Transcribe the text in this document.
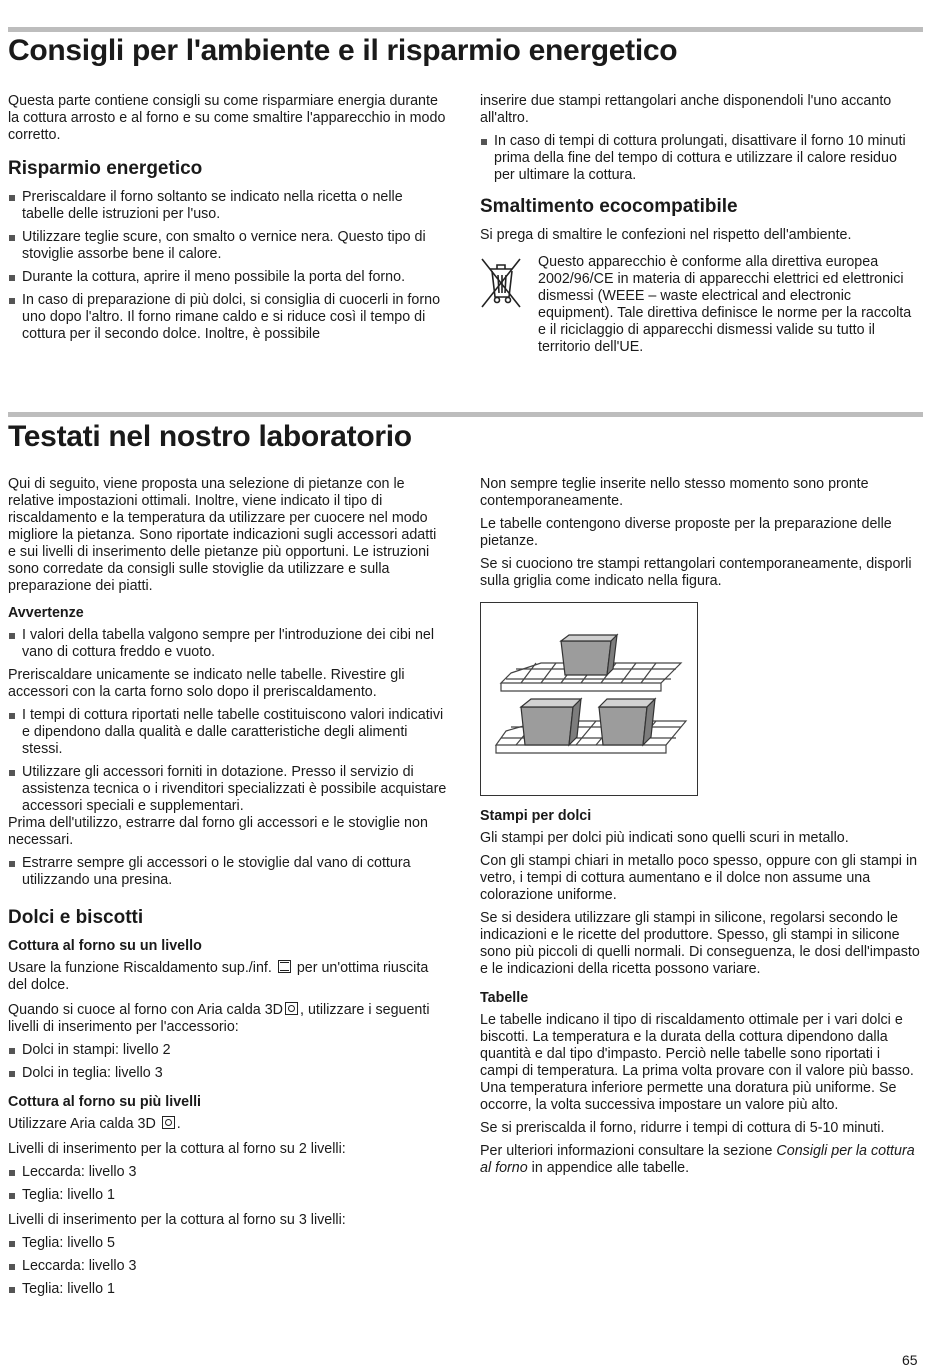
Consigli per l'ambiente e il risparmio energetico

Questa parte contiene consigli su come risparmiare energia durante la cottura arrosto e al forno e su come smaltire l'apparecchio in modo corretto.

Risparmio energetico
Preriscaldare il forno soltanto se indicato nella ricetta o nelle tabelle delle istruzioni per l'uso.
Utilizzare teglie scure, con smalto o vernice nera. Questo tipo di stoviglie assorbe bene il calore.
Durante la cottura, aprire il meno possibile la porta del forno.
In caso di preparazione di più dolci, si consiglia di cuocerli in forno uno dopo l'altro. Il forno rimane caldo e si riduce così il tempo di cottura per il secondo dolce. Inoltre, è possibile

inserire due stampi rettangolari anche disponendoli l'uno accanto all'altro.

In caso di tempi di cottura prolungati, disattivare il forno 10 minuti prima della fine del tempo di cottura e utilizzare il calore residuo per ultimare la cottura.
Smaltimento ecocompatibile

Si prega di smaltire le confezioni nel rispetto dell'ambiente.

Questo apparecchio è conforme alla direttiva europea 2002/96/CE in materia di apparecchi elettrici ed elettronici dismessi (WEEE – waste electrical and electronic equipment). Tale direttiva definisce le norme per la raccolta e il riciclaggio di apparecchi dismessi valide su tutto il territorio dell'UE.

Testati nel nostro laboratorio

Qui di seguito, viene proposta una selezione di pietanze con le relative impostazioni ottimali. Inoltre, viene indicato il tipo di riscaldamento e la temperatura da utilizzare per cuocere nel modo migliore la pietanza. Sono riportate indicazioni sugli accessori adatti e sui livelli di inserimento delle pietanze più opportuni. Le istruzioni sono corredate da consigli sulle stoviglie da utilizzare e sulla preparazione dei piatti.

Avvertenze
I valori della tabella valgono sempre per l'introduzione dei cibi nel vano di cottura freddo e vuoto.

Preriscaldare unicamente se indicato nelle tabelle. Rivestire gli accessori con la carta forno solo dopo il preriscaldamento.

I tempi di cottura riportati nelle tabelle costituiscono valori indicativi e dipendono dalla qualità e dalle caratteristiche degli alimenti stessi.
Utilizzare gli accessori forniti in dotazione. Presso il servizio di assistenza tecnica o i rivenditori specializzati è possibile acquistare accessori speciali e supplementari.

Prima dell'utilizzo, estrarre dal forno gli accessori e le stoviglie non necessari.

Estrarre sempre gli accessori o le stoviglie dal vano di cottura utilizzando una presina.
Dolci e biscotti
Cottura al forno su un livello

Usare la funzione Riscaldamento sup./inf. per un'ottima riuscita del dolce.

Quando si cuoce al forno con Aria calda 3D , utilizzare i seguenti livelli di inserimento per l'accessorio:

Dolci in stampi: livello 2
Dolci in teglia: livello 3
Cottura al forno su più livelli

Utilizzare Aria calda 3D .

Livelli di inserimento per la cottura al forno su 2 livelli:

Leccarda: livello 3
Teglia: livello 1

Livelli di inserimento per la cottura al forno su 3 livelli:

Teglia: livello 5
Leccarda: livello 3
Teglia: livello 1

Non sempre teglie inserite nello stesso momento sono pronte contemporaneamente.

Le tabelle contengono diverse proposte per la preparazione delle pietanze.

Se si cuociono tre stampi rettangolari contemporaneamente, disporli sulla griglia come indicato nella figura.

Stampi per dolci

Gli stampi per dolci più indicati sono quelli scuri in metallo.

Con gli stampi chiari in metallo poco spesso, oppure con gli stampi in vetro, i tempi di cottura aumentano e il dolce non assume una colorazione uniforme.

Se si desidera utilizzare gli stampi in silicone, regolarsi secondo le indicazioni e le ricette del produttore. Spesso, gli stampi in silicone sono più piccoli di quelli normali. Di conseguenza, le dosi dell'impasto e le indicazioni della ricetta possono variare.

Tabelle

Le tabelle indicano il tipo di riscaldamento ottimale per i vari dolci e biscotti. La temperatura e la durata della cottura dipendono dalla quantità e dal tipo d'impasto. Perciò nelle tabelle sono riportati i campi di temperatura. La prima volta provare con il valore più basso. Una temperatura inferiore permette una doratura più uniforme. Se occorre, la volta successiva impostare un valore più alto.

Se si preriscalda il forno, ridurre i tempi di cottura di 5-10 minuti.

Per ulteriori informazioni consultare la sezione Consigli per la cottura al forno in appendice alle tabelle.

65
